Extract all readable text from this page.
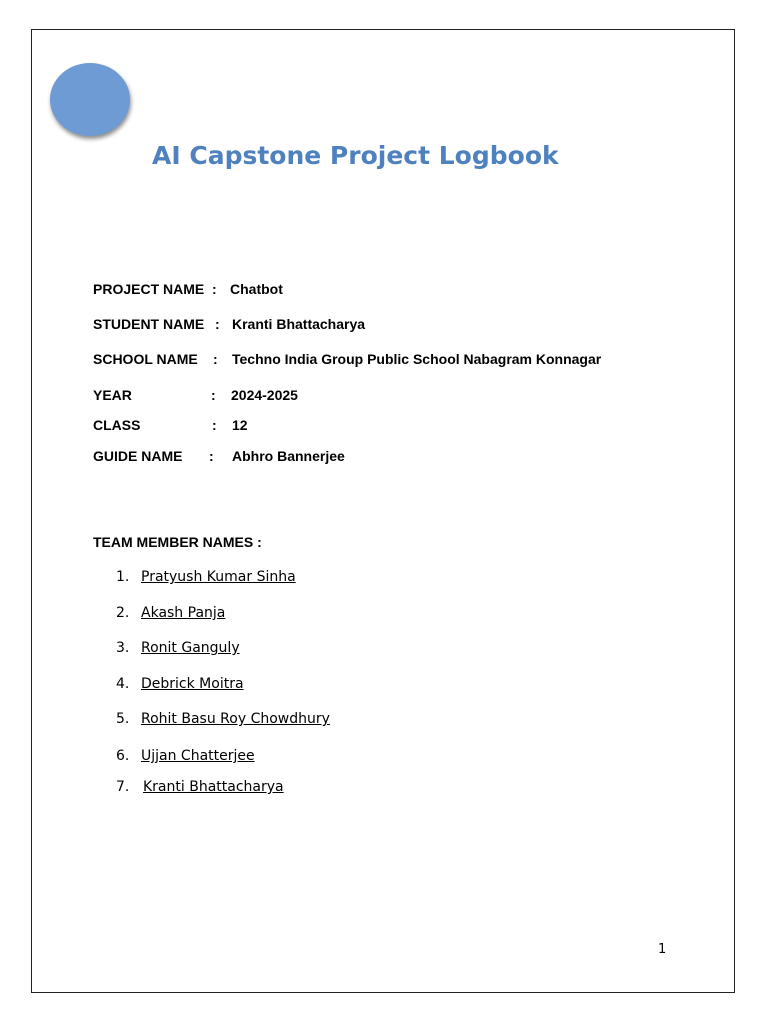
AI Capstone Project Logbook
PROJECT NAME : Chatbot
STUDENT NAME : Kranti Bhattacharya
SCHOOL NAME : Techno India Group Public School Nabagram Konnagar
YEAR	: 2024-2025
CLASS	: 12
GUIDE NAME : Abhro Bannerjee
TEAM MEMBER NAMES :
1. Pratyush Kumar Sinha
2. Akash Panja
3. Ronit Ganguly
4. Debrick Moitra
5. Rohit Basu Roy Chowdhury
6. Ujjan Chatterjee
7. Kranti Bhattacharya
1
